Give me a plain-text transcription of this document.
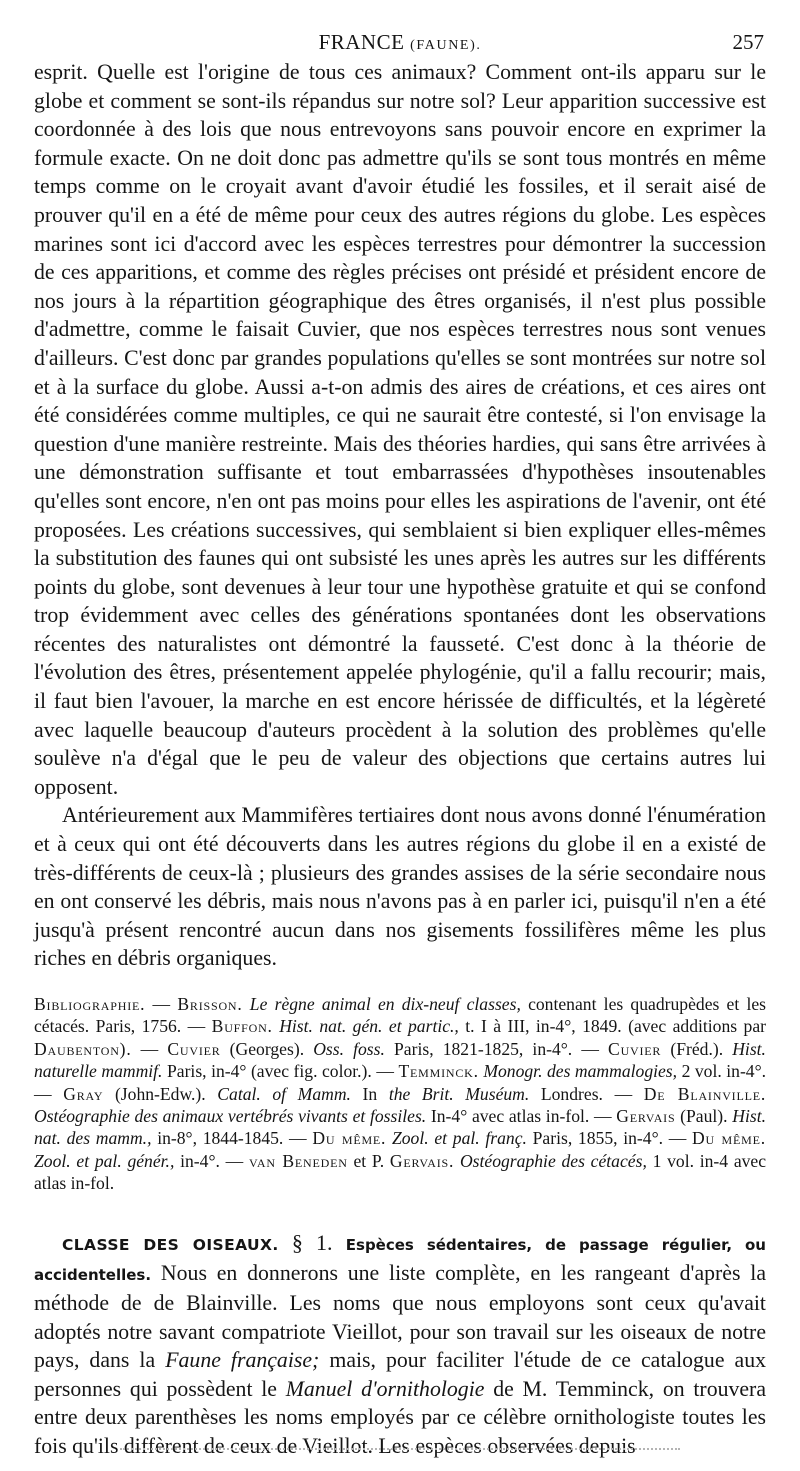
FRANCE (FAUNE).	257

esprit. Quelle est l'origine de tous ces animaux? Comment ont-ils apparu sur le globe et comment se sont-ils répandus sur notre sol? Leur apparition successive est coordonnée à des lois que nous entrevoyons sans pouvoir encore en exprimer la formule exacte. On ne doit donc pas admettre qu'ils se sont tous montrés en même temps comme on le croyait avant d'avoir étudié les fossiles, et il serait aisé de prouver qu'il en a été de même pour ceux des autres régions du globe. Les espèces marines sont ici d'accord avec les espèces terrestres pour démontrer la succession de ces apparitions, et comme des règles précises ont présidé et président encore de nos jours à la répartition géographique des êtres organisés, il n'est plus possible d'admettre, comme le faisait Cuvier, que nos espèces terrestres nous sont venues d'ailleurs. C'est donc par grandes populations qu'elles se sont montrées sur notre sol et à la surface du globe. Aussi a-t-on admis des aires de créations, et ces aires ont été considérées comme multiples, ce qui ne saurait être contesté, si l'on envisage la question d'une manière restreinte. Mais des théories hardies, qui sans être arrivées à une démonstration suffisante et tout embarrassées d'hypothèses insoutenables qu'elles sont encore, n'en ont pas moins pour elles les aspirations de l'avenir, ont été proposées. Les créations successives, qui semblaient si bien expliquer elles-mêmes la substitution des faunes qui ont subsisté les unes après les autres sur les différents points du globe, sont devenues à leur tour une hypothèse gratuite et qui se confond trop évidemment avec celles des générations spontanées dont les observations récentes des naturalistes ont démontré la fausseté. C'est donc à la théorie de l'évolution des êtres, présentement appelée phylogénie, qu'il a fallu recourir; mais, il faut bien l'avouer, la marche en est encore hérissée de difficultés, et la légèreté avec laquelle beaucoup d'auteurs procèdent à la solution des problèmes qu'elle soulève n'a d'égal que le peu de valeur des objections que certains autres lui opposent.

Antérieurement aux Mammifères tertiaires dont nous avons donné l'énumération et à ceux qui ont été découverts dans les autres régions du globe il en a existé de très-différents de ceux-là ; plusieurs des grandes assises de la série secondaire nous en ont conservé les débris, mais nous n'avons pas à en parler ici, puisqu'il n'en a été jusqu'à présent rencontré aucun dans nos gisements fossilifères même les plus riches en débris organiques.

Bibliographie. — Brisson. Le règne animal en dix-neuf classes, contenant les quadrupèdes et les cétacés. Paris, 1756. — Buffon. Hist. nat. gén. et partic., t. I à III, in-4°, 1849. (avec additions par Daubenton). — Cuvier (Georges). Oss. foss. Paris, 1821-1825, in-4°. — Cuvier (Fréd.). Hist. naturelle mammif. Paris, in-4° (avec fig. color.). — Temminck. Monogr. des mammalogies, 2 vol. in-4°. — Gray (John-Edw.). Catal. of Mamm. In the Brit. Muséum. Londres. — De Blainville. Ostéographie des animaux vertébrés vivants et fossiles. In-4° avec atlas in-fol. — Gervais (Paul). Hist. nat. des mamm., in-8°, 1844-1845. — Du même. Zool. et pal. franç. Paris, 1855, in-4°. — Du même. Zool. et pal. génér., in-4°. — van Beneden et P. Gervais. Ostéographie des cétacés, 1 vol. in-4 avec atlas in-fol.

CLASSE DES OISEAUX. § 1. Espèces sédentaires, de passage régulier, ou accidentelles. Nous en donnerons une liste complète, en les rangeant d'après la méthode de de Blainville. Les noms que nous employons sont ceux qu'avait adoptés notre savant compatriote Vieillot, pour son travail sur les oiseaux de notre pays, dans la Faune française; mais, pour faciliter l'étude de ce catalogue aux personnes qui possèdent le Manuel d'ornithologie de M. Temminck, on trouvera entre deux parenthèses les noms employés par ce célèbre ornithologiste toutes les fois qu'ils diffèrent de ceux de Vieillot. Les espèces observées depuis
